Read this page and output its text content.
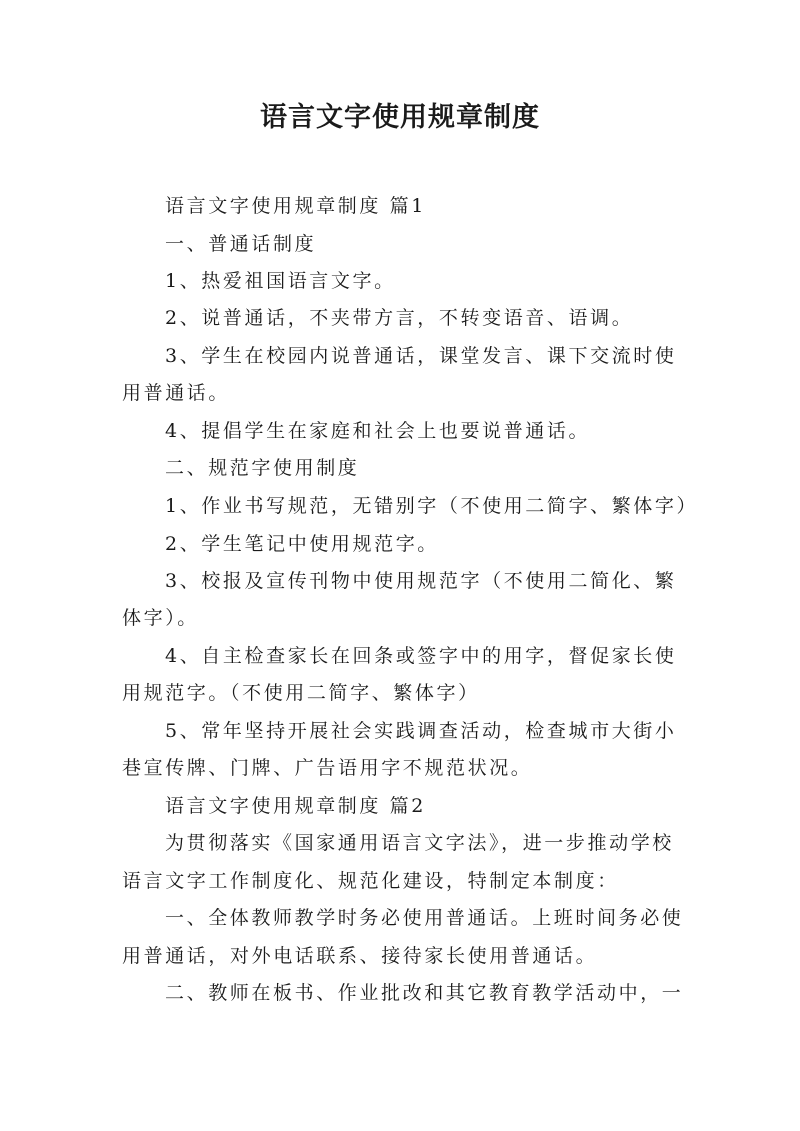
语言文字使用规章制度
语言文字使用规章制度 篇1
一、普通话制度
1、热爱祖国语言文字。
2、说普通话，不夹带方言，不转变语音、语调。
3、学生在校园内说普通话，课堂发言、课下交流时使
用普通话。
4、提倡学生在家庭和社会上也要说普通话。
二、规范字使用制度
1、作业书写规范，无错别字（不使用二简字、繁体字）
2、学生笔记中使用规范字。
3、校报及宣传刊物中使用规范字（不使用二简化、繁
体字）。
4、自主检查家长在回条或签字中的用字，督促家长使
用规范字。（不使用二简字、繁体字）
5、常年坚持开展社会实践调查活动，检查城市大街小
巷宣传牌、门牌、广告语用字不规范状况。
语言文字使用规章制度 篇2
为贯彻落实《国家通用语言文字法》，进一步推动学校
语言文字工作制度化、规范化建设，特制定本制度：
一、全体教师教学时务必使用普通话。上班时间务必使
用普通话，对外电话联系、接待家长使用普通话。
二、教师在板书、作业批改和其它教育教学活动中，一
